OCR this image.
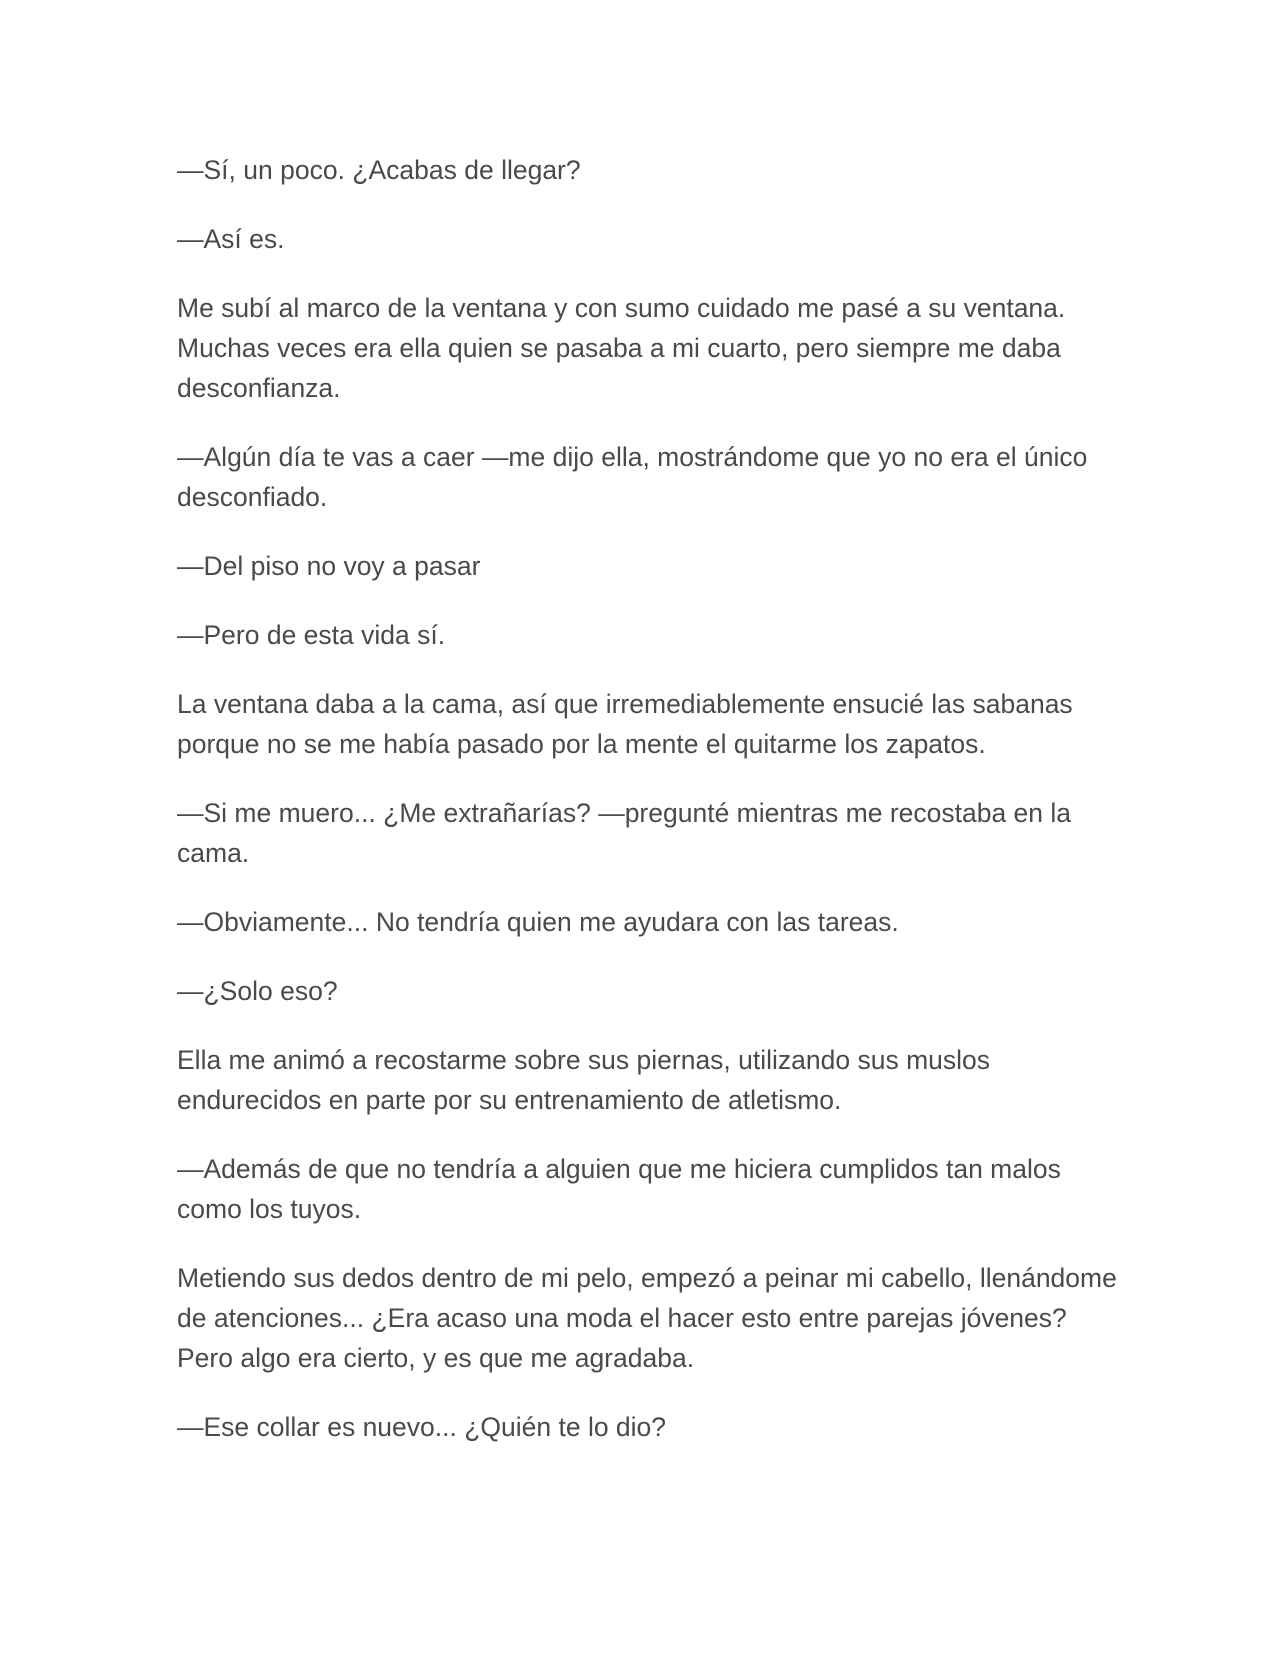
—Sí, un poco. ¿Acabas de llegar?

—Así es.

Me subí al marco de la ventana y con sumo cuidado me pasé a su ventana. Muchas veces era ella quien se pasaba a mi cuarto, pero siempre me daba desconfianza.

—Algún día te vas a caer —me dijo ella, mostrándome que yo no era el único desconfiado.

—Del piso no voy a pasar

—Pero de esta vida sí.

La ventana daba a la cama, así que irremediablemente ensucié las sabanas porque no se me había pasado por la mente el quitarme los zapatos.

—Si me muero... ¿Me extrañarías? —pregunté mientras me recostaba en la cama.

—Obviamente... No tendría quien me ayudara con las tareas.

—¿Solo eso?

Ella me animó a recostarme sobre sus piernas, utilizando sus muslos endurecidos en parte por su entrenamiento de atletismo.

—Además de que no tendría a alguien que me hiciera cumplidos tan malos como los tuyos.

Metiendo sus dedos dentro de mi pelo, empezó a peinar mi cabello, llenándome de atenciones... ¿Era acaso una moda el hacer esto entre parejas jóvenes? Pero algo era cierto, y es que me agradaba.

—Ese collar es nuevo... ¿Quién te lo dio?
